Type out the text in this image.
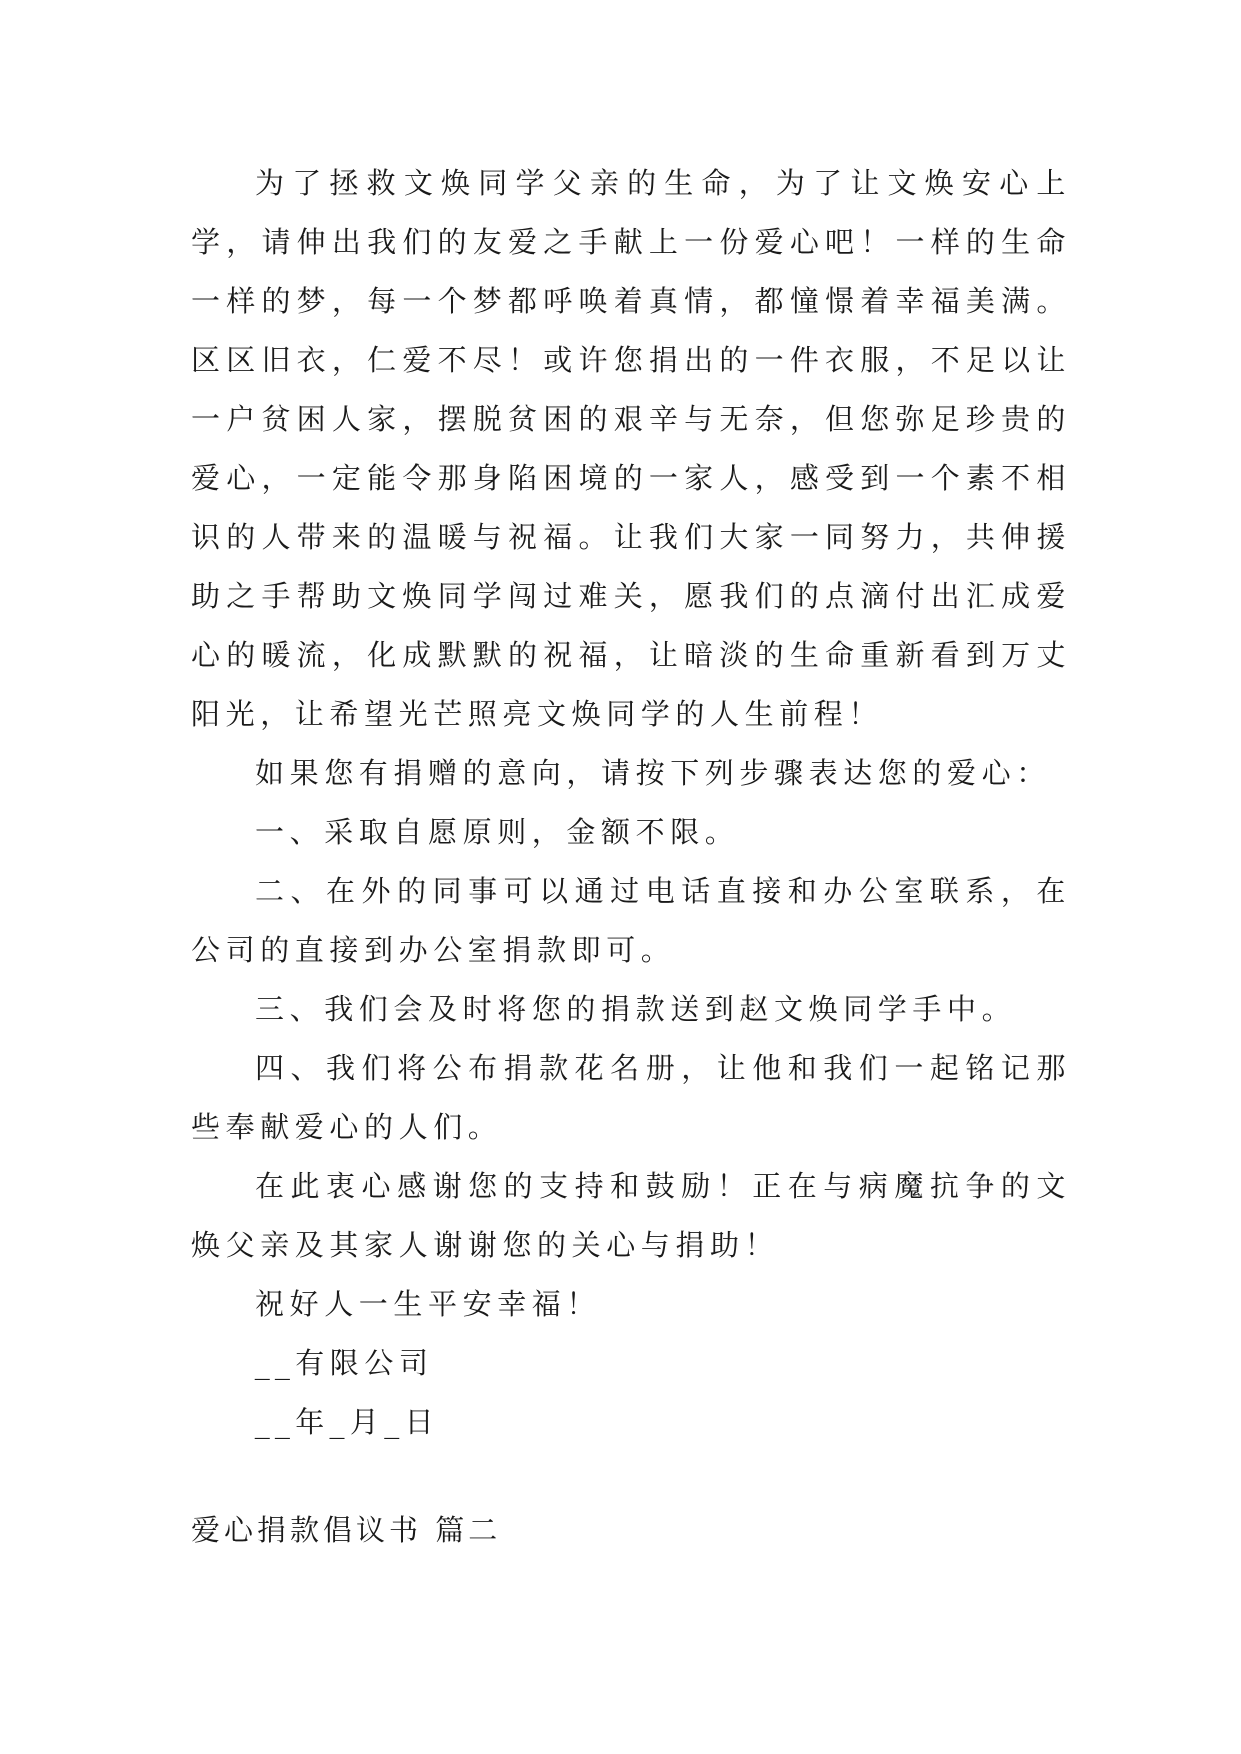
为了拯救文焕同学父亲的生命，为了让文焕安心上学，请伸出我们的友爱之手献上一份爱心吧！一样的生命一样的梦，每一个梦都呼唤着真情，都憧憬着幸福美满。区区旧衣，仁爱不尽！或许您捐出的一件衣服，不足以让一户贫困人家，摆脱贫困的艰辛与无奈，但您弥足珍贵的爱心，一定能令那身陷困境的一家人，感受到一个素不相识的人带来的温暖与祝福。让我们大家一同努力，共伸援助之手帮助文焕同学闯过难关，愿我们的点滴付出汇成爱心的暖流，化成默默的祝福，让暗淡的生命重新看到万丈阳光，让希望光芒照亮文焕同学的人生前程！

如果您有捐赠的意向，请按下列步骤表达您的爱心：

一、采取自愿原则，金额不限。

二、在外的同事可以通过电话直接和办公室联系，在公司的直接到办公室捐款即可。

三、我们会及时将您的捐款送到赵文焕同学手中。

四、我们将公布捐款花名册，让他和我们一起铭记那些奉献爱心的人们。

在此衷心感谢您的支持和鼓励！正在与病魔抗争的文焕父亲及其家人谢谢您的关心与捐助！

祝好人一生平安幸福！

__有限公司

__年_月_日

爱心捐款倡议书 篇二
